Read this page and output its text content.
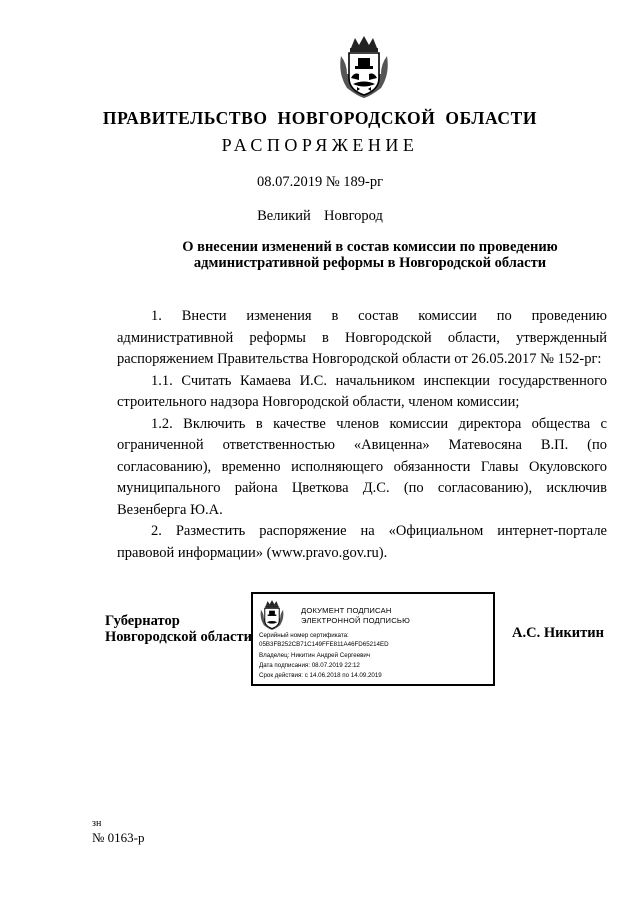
ПРАВИТЕЛЬСТВО  НОВГОРОДСКОЙ  ОБЛАСТИ
РАСПОРЯЖЕНИЕ
08.07.2019 № 189-рг
Великий  Новгород
О внесении изменений в состав комиссии по проведению
административной реформы в Новгородской области

1. Внести изменения в состав комиссии по проведению административной реформы в Новгородской области, утвержденный распоряжением Правительства Новгородской области от 26.05.2017 № 152-рг:

1.1. Считать Камаева И.С. начальником инспекции государственного строительного надзора Новгородской области, членом комиссии;

1.2. Включить в качестве членов комиссии директора общества с ограниченной ответственностью «Авиценна» Матевосяна В.П. (по согласованию), временно исполняющего обязанности Главы Окуловского муниципального района Цветкова Д.С. (по согласованию), исключив Везенберга Ю.А.

2. Разместить распоряжение на «Официальном интернет-портале правовой информации» (www.pravo.gov.ru).

Губернатор
Новгородской области
ДОКУМЕНТ ПОДПИСАН
ЭЛЕКТРОННОЙ ПОДПИСЬЮ
Серийный номер сертификата:
05B3FB252CB71C149FFE811A46FD65214ED
Владелец: Никитин Андрей Сергеевич
Дата подписания: 08.07.2019 22:12
Срок действия: с 14.06.2018 по 14.09.2019
А.С. Никитин
зн
№ 0163-р
